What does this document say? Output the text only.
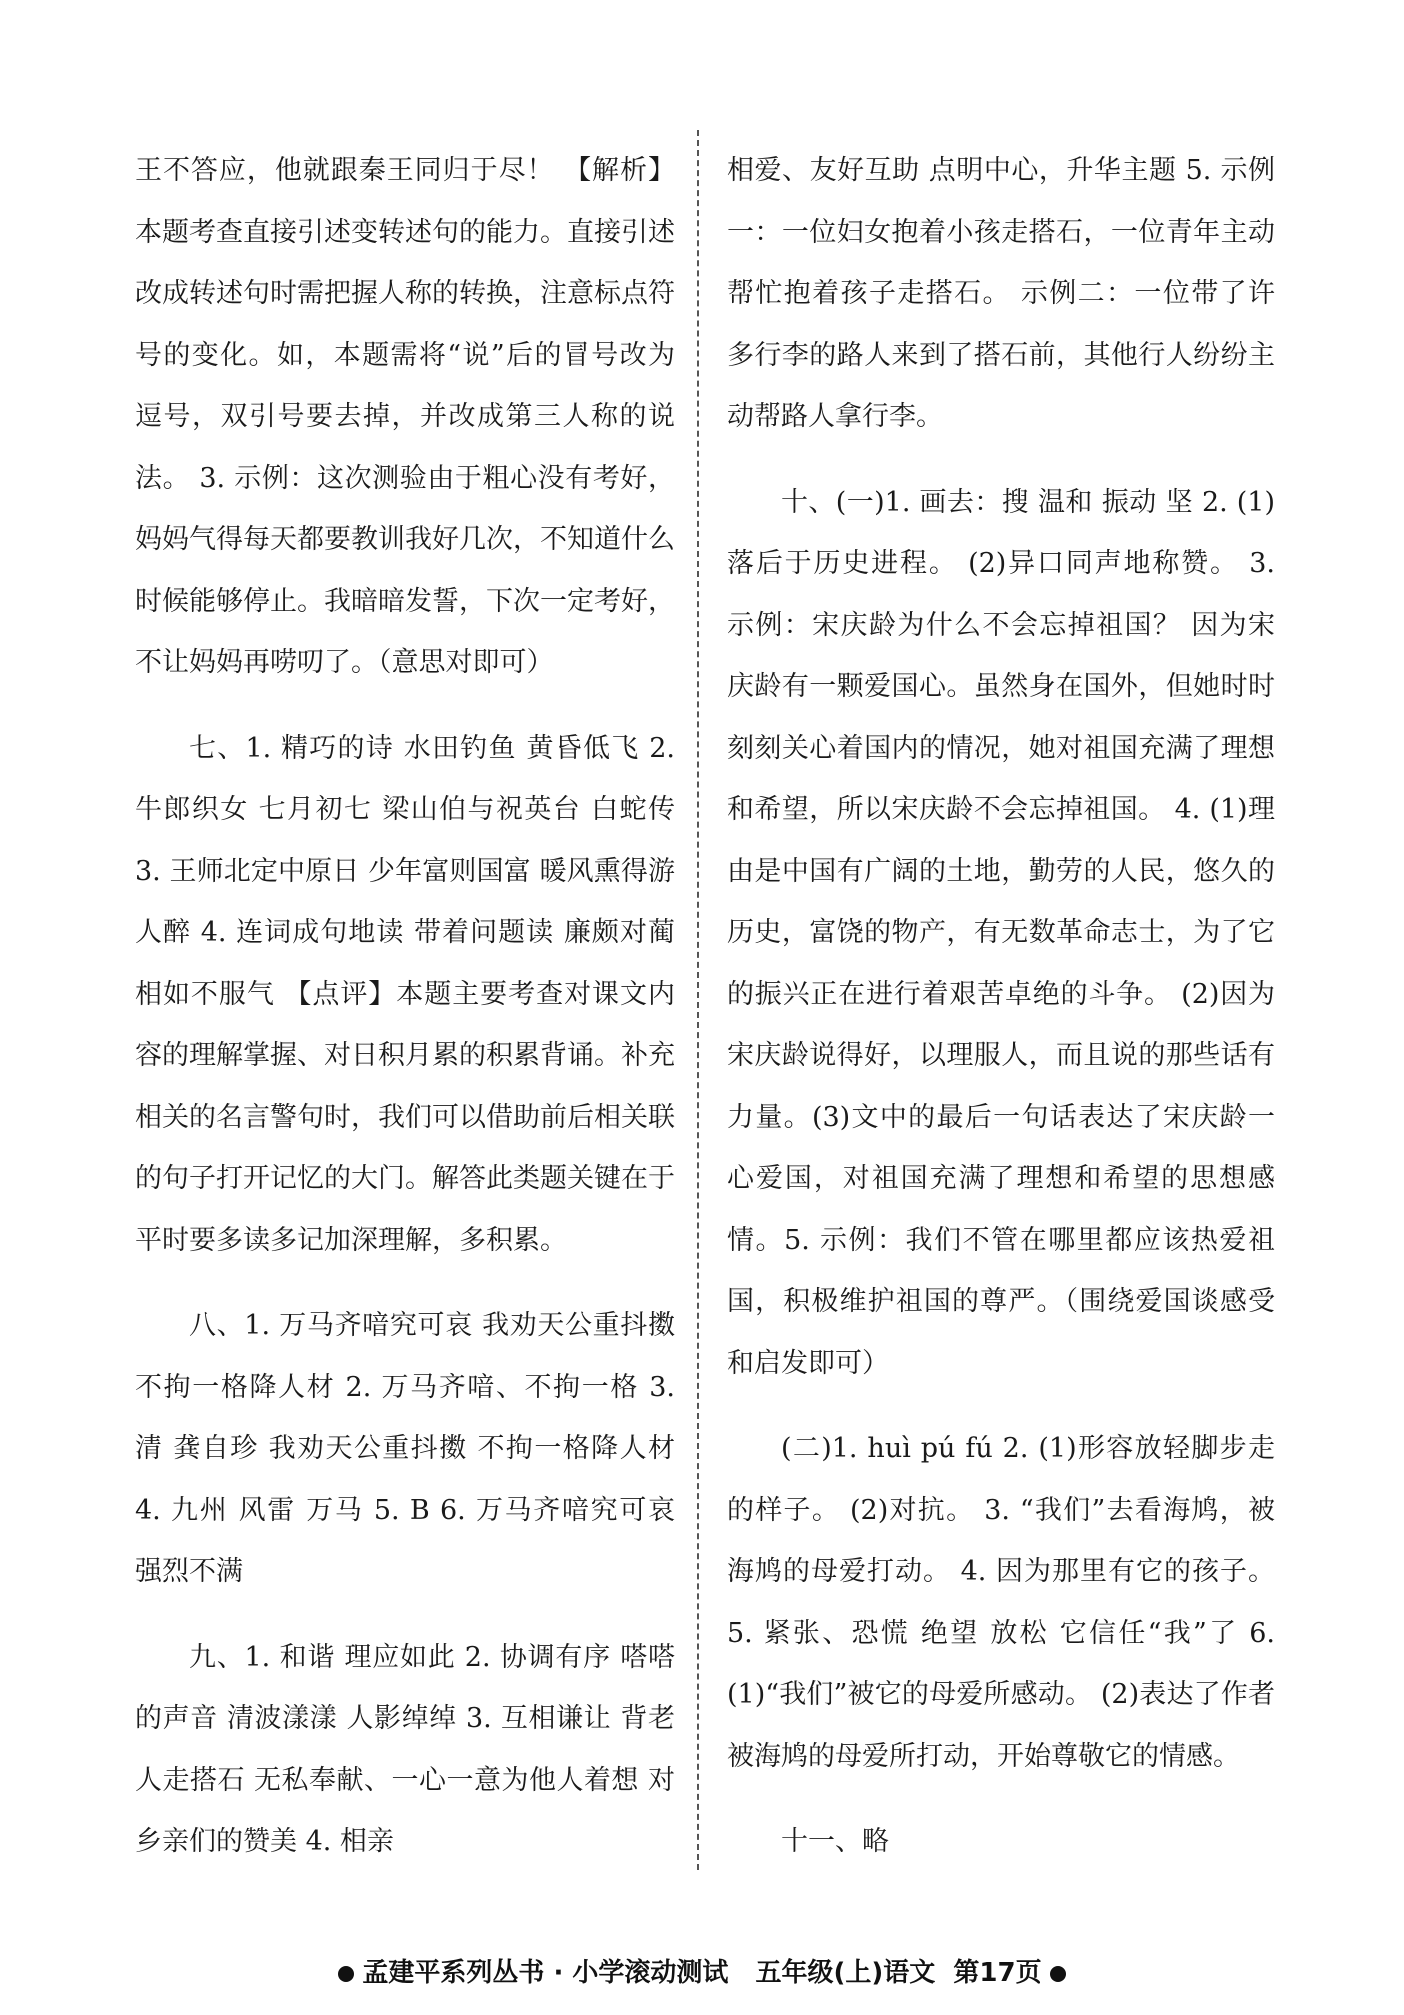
王不答应，他就跟秦王同归于尽！ 【解析】本题考查直接引述变转述句的能力。直接引述改成转述句时需把握人称的转换，注意标点符号的变化。如，本题需将“说”后的冒号改为逗号，双引号要去掉，并改成第三人称的说法。 3. 示例：这次测验由于粗心没有考好，妈妈气得每天都要教训我好几次，不知道什么时候能够停止。我暗暗发誓，下次一定考好，不让妈妈再唠叨了。（意思对即可）

七、1. 精巧的诗 水田钓鱼 黄昏低飞 2. 牛郎织女 七月初七 梁山伯与祝英台 白蛇传 3. 王师北定中原日 少年富则国富 暖风熏得游人醉 4. 连词成句地读 带着问题读 廉颇对蔺相如不服气 【点评】本题主要考查对课文内容的理解掌握、对日积月累的积累背诵。补充相关的名言警句时，我们可以借助前后相关联的句子打开记忆的大门。解答此类题关键在于平时要多读多记加深理解，多积累。

八、1. 万马齐喑究可哀 我劝天公重抖擞 不拘一格降人材 2. 万马齐喑、不拘一格 3. 清 龚自珍 我劝天公重抖擞 不拘一格降人材 4. 九州 风雷 万马 5. B 6. 万马齐喑究可哀 强烈不满

九、1. 和谐 理应如此 2. 协调有序 嗒嗒的声音 清波漾漾 人影绰绰 3. 互相谦让 背老人走搭石 无私奉献、一心一意为他人着想 对乡亲们的赞美 4. 相亲

相爱、友好互助 点明中心，升华主题 5. 示例一：一位妇女抱着小孩走搭石，一位青年主动帮忙抱着孩子走搭石。 示例二：一位带了许多行李的路人来到了搭石前，其他行人纷纷主动帮路人拿行李。

十、(一)1. 画去：搜 温和 振动 坚 2. (1)落后于历史进程。 (2)异口同声地称赞。 3. 示例：宋庆龄为什么不会忘掉祖国？ 因为宋庆龄有一颗爱国心。虽然身在国外，但她时时刻刻关心着国内的情况，她对祖国充满了理想和希望，所以宋庆龄不会忘掉祖国。 4. (1)理由是中国有广阔的土地，勤劳的人民，悠久的历史，富饶的物产，有无数革命志士，为了它的振兴正在进行着艰苦卓绝的斗争。 (2)因为宋庆龄说得好，以理服人，而且说的那些话有力量。(3)文中的最后一句话表达了宋庆龄一心爱国，对祖国充满了理想和希望的思想感情。5. 示例：我们不管在哪里都应该热爱祖国，积极维护祖国的尊严。（围绕爱国谈感受和启发即可）

(二)1. huì pú fú 2. (1)形容放轻脚步走的样子。 (2)对抗。 3. “我们”去看海鸠，被海鸠的母爱打动。 4. 因为那里有它的孩子。 5. 紧张、恐慌 绝望 放松 它信任“我”了 6. (1)“我们”被它的母爱所感动。 (2)表达了作者被海鸠的母爱所打动，开始尊敬它的情感。

十一、略

孟建平系列丛书 · 小学滚动测试 五年级(上)语文 第17页
